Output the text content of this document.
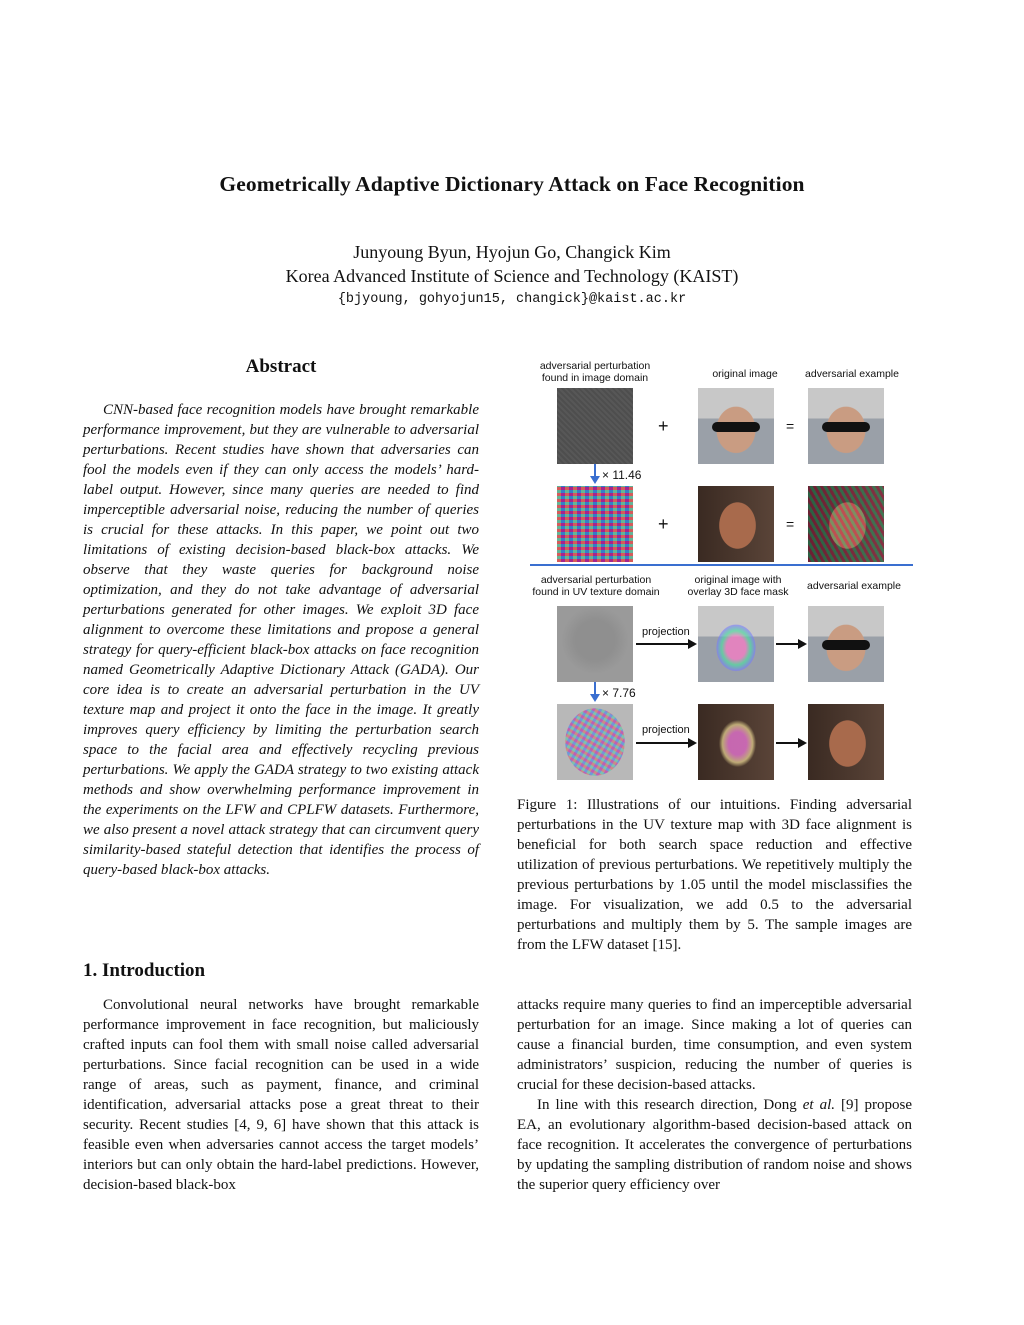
Geometrically Adaptive Dictionary Attack on Face Recognition
Junyoung Byun, Hyojun Go, Changick Kim
Korea Advanced Institute of Science and Technology (KAIST)
{bjyoung, gohyojun15, changick}@kaist.ac.kr
Abstract

CNN-based face recognition models have brought remarkable performance improvement, but they are vulnerable to adversarial perturbations. Recent studies have shown that adversaries can fool the models even if they can only access the models’ hard-label output. However, since many queries are needed to find imperceptible adversarial noise, reducing the number of queries is crucial for these attacks. In this paper, we point out two limitations of existing decision-based black-box attacks. We observe that they waste queries for background noise optimization, and they do not take advantage of adversarial perturbations generated for other images. We exploit 3D face alignment to overcome these limitations and propose a general strategy for query-efficient black-box attacks on face recognition named Geometrically Adaptive Dictionary Attack (GADA). Our core idea is to create an adversarial perturbation in the UV texture map and project it onto the face in the image. It greatly improves query efficiency by limiting the perturbation search space to the facial area and effectively recycling previous perturbations. We apply the GADA strategy to two existing attack methods and show overwhelming performance improvement in the experiments on the LFW and CPLFW datasets. Furthermore, we also present a novel attack strategy that can circumvent query similarity-based stateful detection that identifies the process of query-based black-box attacks.

1. Introduction

Convolutional neural networks have brought remarkable performance improvement in face recognition, but maliciously crafted inputs can fool them with small noise called adversarial perturbations. Since facial recognition can be used in a wide range of areas, such as payment, finance, and criminal identification, adversarial attacks pose a great threat to their security. Recent studies [4, 9, 6] have shown that this attack is feasible even when adversaries cannot access the target models’ interiors but can only obtain the hard-label predictions. However, decision-based black-box

adversarial perturbation found in image domain	original image	adversarial example
+	=
× 11.46
+	=
adversarial perturbation found in UV texture domain
original image with overlay 3D face mask	adversarial example
projection
× 7.76
projection

Figure 1: Illustrations of our intuitions. Finding adversarial perturbations in the UV texture map with 3D face alignment is beneficial for both search space reduction and effective utilization of previous perturbations. We repetitively multiply the previous perturbations by 1.05 until the model misclassifies the image. For visualization, we add 0.5 to the adversarial perturbations and multiply them by 5. The sample images are from the LFW dataset [15].

attacks require many queries to find an imperceptible adversarial perturbation for an image. Since making a lot of queries can cause a financial burden, time consumption, and even system administrators’ suspicion, reducing the number of queries is crucial for these decision-based attacks.

In line with this research direction, Dong et al. [9] propose EA, an evolutionary algorithm-based decision-based attack on face recognition. It accelerates the convergence of perturbations by updating the sampling distribution of random noise and shows the superior query efficiency over
